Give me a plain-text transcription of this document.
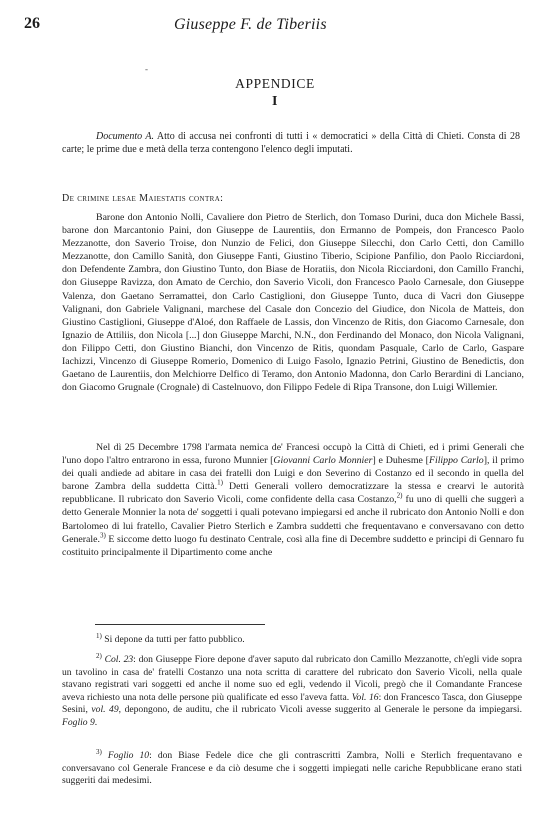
26	Giuseppe F. de Tiberiis
-
APPENDICE
I
Documento A. Atto di accusa nei confronti di tutti i « democratici » della Città di Chieti. Consta di 28 carte; le prime due e metà della terza contengono l'elenco degli imputati.
De crimine lesae Maiestatis contra:
Barone don Antonio Nolli, Cavaliere don Pietro de Sterlich, don Tomaso Durini, duca don Michele Bassi, barone don Marcantonio Paini, don Giuseppe de Laurentiis, don Ermanno de Pompeis, don Francesco Paolo Mezzanotte, don Saverio Troise, don Nunzio de Felici, don Giuseppe Silecchi, don Carlo Cetti, don Camillo Mezzanotte, don Camillo Sanità, don Giuseppe Fanti, Giustino Tiberio, Scipione Panfilio, don Paolo Ricciardoni, don Defendente Zambra, don Giustino Tunto, don Biase de Horatiis, don Nicola Ricciardoni, don Camillo Franchi, don Giuseppe Ravizza, don Amato de Cerchio, don Saverio Vicoli, don Francesco Paolo Carnesale, don Giuseppe Valenza, don Gaetano Serramattei, don Carlo Castiglioni, don Giuseppe Tunto, duca di Vacri don Giuseppe Valignani, don Gabriele Valignani, marchese del Casale don Concezio del Giudice, don Nicola de Matteis, don Giustino Castiglioni, Giuseppe d'Aloé, don Raffaele de Lassis, don Vincenzo de Ritis, don Giacomo Carnesale, don Ignazio de Attiliis, don Nicola [...] don Giuseppe Marchi, N.N., don Ferdinando del Monaco, don Nicola Valignani, don Filippo Cetti, don Giustino Bianchi, don Vincenzo de Ritis, quondam Pasquale, Carlo de Carlo, Gaspare Iachizzi, Vincenzo di Giuseppe Romerio, Domenico di Luigo Fasolo, Ignazio Petrini, Giustino de Benedictis, don Gaetano de Laurentiis, don Melchiorre Delfico di Teramo, don Antonio Madonna, don Carlo Berardini di Lanciano, don Giacomo Grugnale (Crognale) di Castelnuovo, don Filippo Fedele di Ripa Transone, don Luigi Willemier.
Nel dì 25 Decembre 1798 l'armata nemica de' Francesi occupò la Città di Chieti, ed i primi Generali che l'uno dopo l'altro entrarono in essa, furono Munnier [Giovanni Carlo Monnier] e Duhesme [Filippo Carlo], il primo dei quali andiede ad abitare in casa dei fratelli don Luigi e don Severino di Costanzo ed il secondo in quella del barone Zambra della suddetta Città.$^{1)}$ Detti Generali vollero democratizzare la stessa e crearvi le autorità repubblicane. Il rubricato don Saverio Vicoli, come confidente della casa Costanzo,$^{2)}$ fu uno di quelli che suggerì a detto Generale Monnier la nota de' soggetti i quali potevano impiegarsi ed anche il rubricato don Antonio Nolli e don Bartolomeo di lui fratello, Cavalier Pietro Sterlich e Zambra suddetti che frequentavano e conversavano con detto Generale.$^{3)}$ E siccome detto luogo fu destinato Centrale, così alla fine di Decembre suddetto e principi di Gennaro fu costituito principalmente il Dipartimento come anche
$^{1)}$ Si depone da tutti per fatto pubblico.
$^{2)}$ Col. 23: don Giuseppe Fiore depone d'aver saputo dal rubricato don Camillo Mezzanotte, ch'egli vide sopra un tavolino in casa de' fratelli Costanzo una nota scritta di carattere del rubricato don Saverio Vicoli, nella quale stavano registrati vari soggetti ed anche il nome suo ed egli, vedendo il Vicoli, pregò che il Comandante Francese aveva richiesto una nota delle persone più qualificate ed esso l'aveva fatta. Vol. 16: don Francesco Tasca, don Giuseppe Sesini, vol. 49, depongono, de auditu, che il rubricato Vicoli avesse suggerito al Generale le persone da impiegarsi. Foglio 9.
$^{3)}$ Foglio 10: don Biase Fedele dice che gli contrascritti Zambra, Nolli e Sterlich frequentavano e conversavano col Generale Francese e da ciò desume che i soggetti impiegati nelle cariche Repubblicane erano stati suggeriti dai medesimi.
